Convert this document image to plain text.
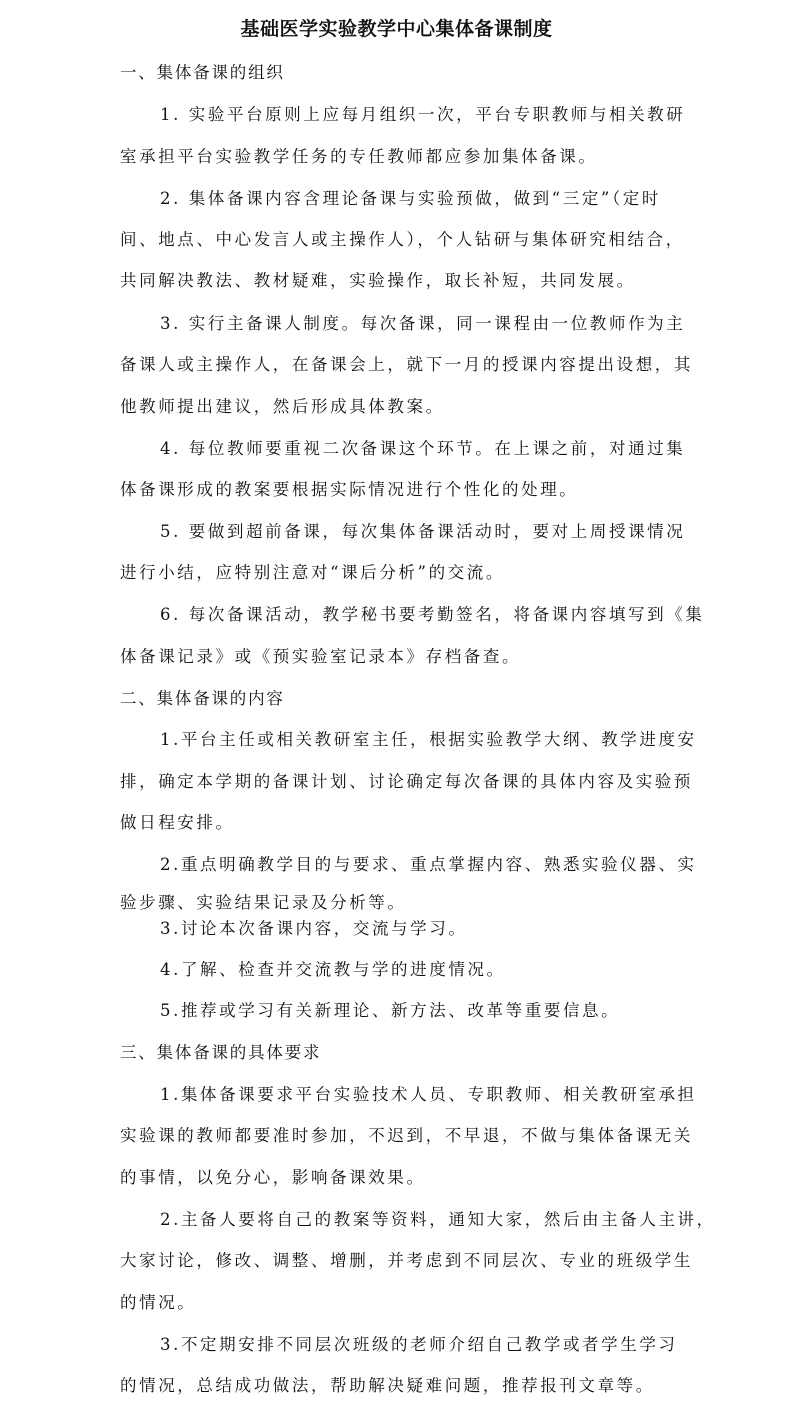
基础医学实验教学中心集体备课制度
一、集体备课的组织
1. 实验平台原则上应每月组织一次，平台专职教师与相关教研
室承担平台实验教学任务的专任教师都应参加集体备课。
2. 集体备课内容含理论备课与实验预做，做到“三定”（定时
间、地点、中心发言人或主操作人），个人钻研与集体研究相结合，
共同解决教法、教材疑难，实验操作，取长补短，共同发展。
3. 实行主备课人制度。每次备课，同一课程由一位教师作为主
备课人或主操作人，在备课会上，就下一月的授课内容提出设想，其
他教师提出建议，然后形成具体教案。
4. 每位教师要重视二次备课这个环节。在上课之前，对通过集
体备课形成的教案要根据实际情况进行个性化的处理。
5. 要做到超前备课，每次集体备课活动时，要对上周授课情况
进行小结，应特别注意对“课后分析”的交流。
6. 每次备课活动，教学秘书要考勤签名，将备课内容填写到《集
体备课记录》或《预实验室记录本》存档备查。
二、集体备课的内容
1.平台主任或相关教研室主任，根据实验教学大纲、教学进度安
排，确定本学期的备课计划、讨论确定每次备课的具体内容及实验预
做日程安排。
2.重点明确教学目的与要求、重点掌握内容、熟悉实验仪器、实
验步骤、实验结果记录及分析等。
3.讨论本次备课内容，交流与学习。
4.了解、检查并交流教与学的进度情况。
5.推荐或学习有关新理论、新方法、改革等重要信息。
三、集体备课的具体要求
1.集体备课要求平台实验技术人员、专职教师、相关教研室承担
实验课的教师都要准时参加，不迟到，不早退，不做与集体备课无关
的事情，以免分心，影响备课效果。
2.主备人要将自己的教案等资料，通知大家，然后由主备人主讲，
大家讨论，修改、调整、增删，并考虑到不同层次、专业的班级学生
的情况。
3.不定期安排不同层次班级的老师介绍自己教学或者学生学习
的情况，总结成功做法，帮助解决疑难问题，推荐报刊文章等。
